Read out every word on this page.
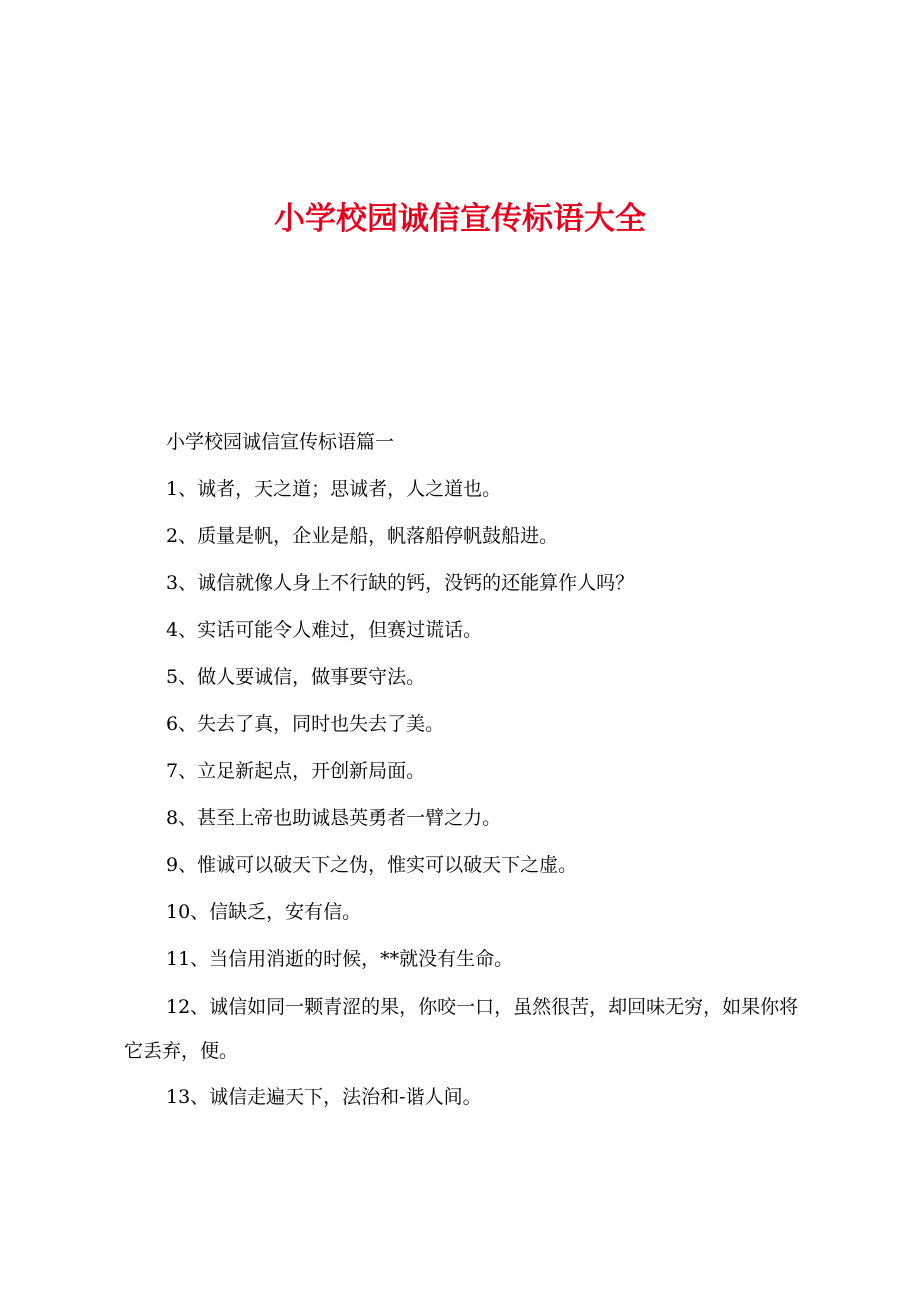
小学校园诚信宣传标语大全

小学校园诚信宣传标语篇一

1、诚者，天之道；思诚者，人之道也。

2、质量是帆，企业是船，帆落船停帆鼓船进。

3、诚信就像人身上不行缺的钙，没钙的还能算作人吗？

4、实话可能令人难过，但赛过谎话。

5、做人要诚信，做事要守法。

6、失去了真，同时也失去了美。

7、立足新起点，开创新局面。

8、甚至上帝也助诚恳英勇者一臂之力。

9、惟诚可以破天下之伪，惟实可以破天下之虚。

10、信缺乏，安有信。

11、当信用消逝的时候，**就没有生命。

12、诚信如同一颗青涩的果，你咬一口，虽然很苦，却回味无穷，如果你将它丢弃，便。

13、诚信走遍天下，法治和-谐人间。
